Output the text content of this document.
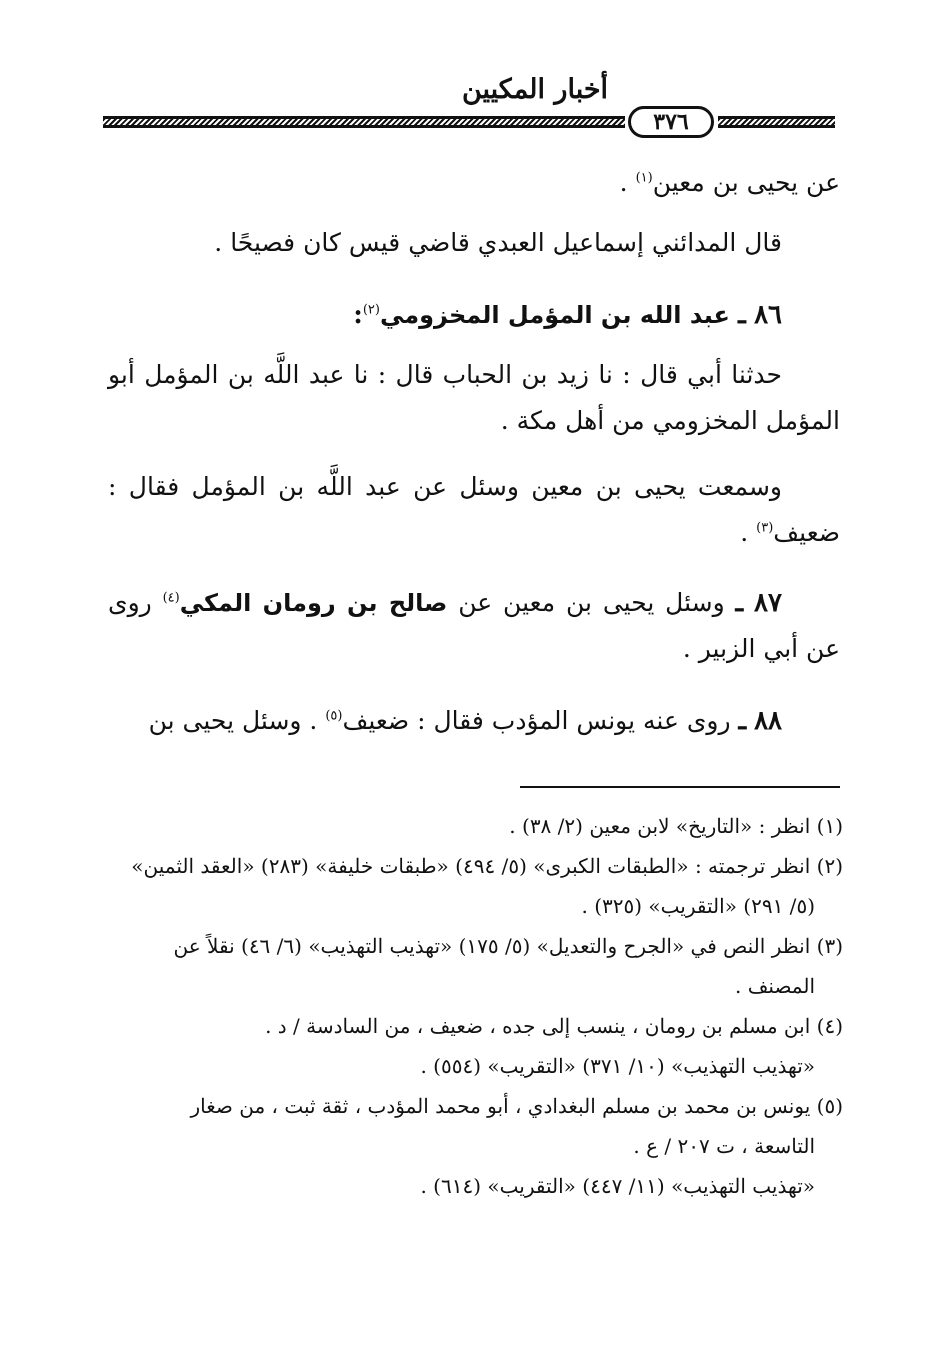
أخبار المكيين
٣٧٦
عن يحيى بن معين$^{(١)}$ .
قال المدائني إسماعيل العبدي قاضي قيس كان فصيحًا .
٨٦ ـ عبد الله بن المؤمل المخزومي$^{(٢)}$:
حدثنا أبي قال : نا زيد بن الحباب قال : نا عبد اللَّه بن المؤمل أبو المؤمل المخزومي من أهل مكة .
وسمعت يحيى بن معين وسئل عن عبد اللَّه بن المؤمل فقال : ضعيف$^{(٣)}$ .
٨٧ ـ وسئل يحيى بن معين عن صالح بن رومان المكي$^{(٤)}$ روى عن أبي الزبير .
٨٨ ـ روى عنه يونس المؤدب فقال : ضعيف$^{(٥)}$ . وسئل يحيى بن

(١) انظر : «التاريخ» لابن معين (٢/ ٣٨) .

(٢) انظر ترجمته : «الطبقات الكبرى» (٥/ ٤٩٤) «طبقات خليفة» (٢٨٣) «العقد الثمين»
(٥/ ٢٩١) «التقريب» (٣٢٥) .

(٣) انظر النص في «الجرح والتعديل» (٥/ ١٧٥) «تهذيب التهذيب» (٦/ ٤٦) نقلاً عن
المصنف .

(٤) ابن مسلم بن رومان ، ينسب إلى جده ، ضعيف ، من السادسة / د .
«تهذيب التهذيب» (١٠/ ٣٧١) «التقريب» (٥٥٤) .

(٥) يونس بن محمد بن مسلم البغدادي ، أبو محمد المؤدب ، ثقة ثبت ، من صغار
التاسعة ، ت ٢٠٧ / ع .
«تهذيب التهذيب» (١١/ ٤٤٧) «التقريب» (٦١٤) .
